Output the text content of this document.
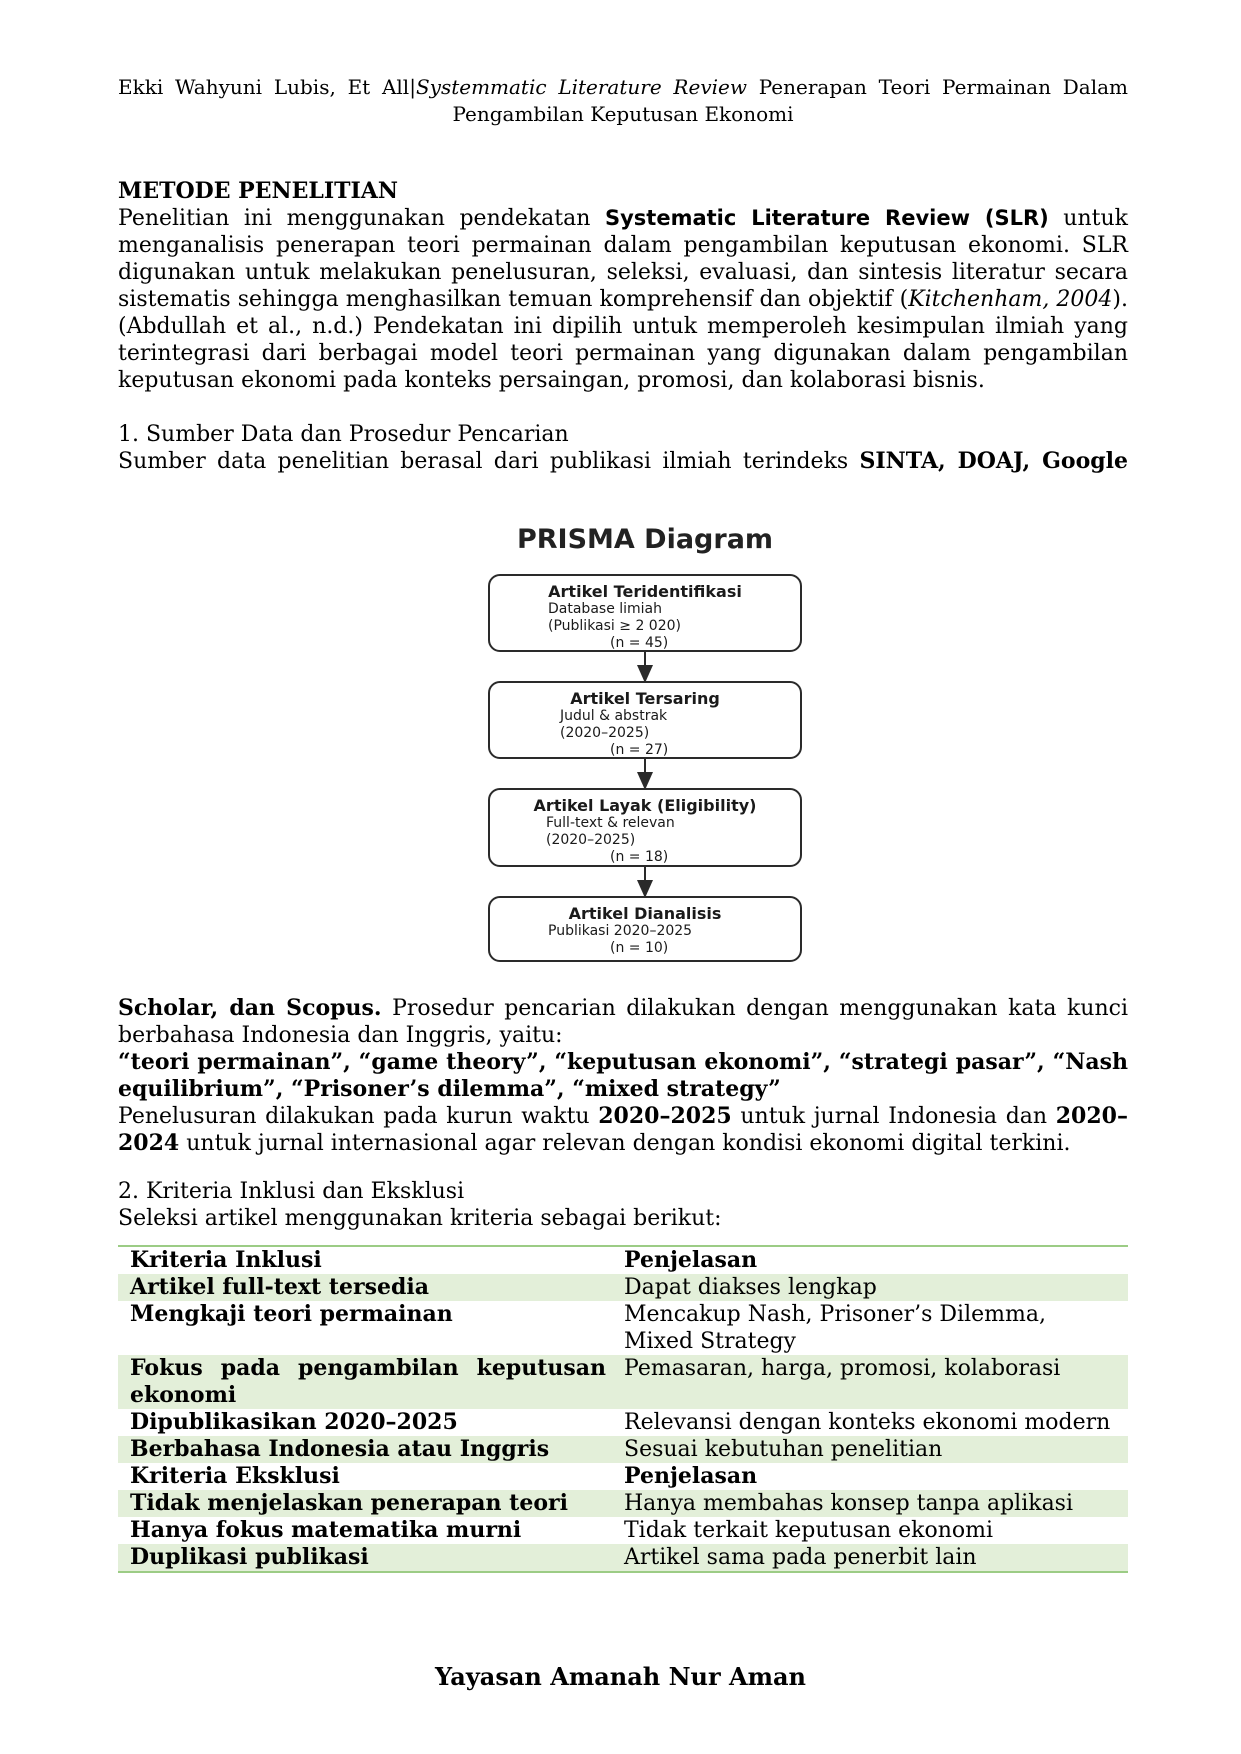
Ekki Wahyuni Lubis, Et All|Systemmatic Literature Review Penerapan Teori Permainan Dalam
Pengambilan Keputusan Ekonomi
METODE PENELITIAN
Penelitian ini menggunakan pendekatan Systematic Literature Review (SLR) untuk menganalisis penerapan teori permainan dalam pengambilan keputusan ekonomi. SLR digunakan untuk melakukan penelusuran, seleksi, evaluasi, dan sintesis literatur secara sistematis sehingga menghasilkan temuan komprehensif dan objektif (Kitchenham, 2004).(Abdullah et al., n.d.) Pendekatan ini dipilih untuk memperoleh kesimpulan ilmiah yang terintegrasi dari berbagai model teori permainan yang digunakan dalam pengambilan keputusan ekonomi pada konteks persaingan, promosi, dan kolaborasi bisnis.
1. Sumber Data dan Prosedur Pencarian
Sumber data penelitian berasal dari publikasi ilmiah terindeks SINTA, DOAJ, Google
PRISMA Diagram
Artikel Teridentifikasi
Database limiah
(Publikasi ≥ 2 020)
(n = 45)
Artikel Tersaring
Judul & abstrak
(2020–2025)
(n = 27)
Artikel Layak (Eligibility)
Full-text & relevan
(2020–2025)
(n = 18)
Artikel Dianalisis
Publikasi 2020–2025
(n = 10)
Scholar, dan Scopus. Prosedur pencarian dilakukan dengan menggunakan kata kunci berbahasa Indonesia dan Inggris, yaitu:
“teori permainan”, “game theory”, “keputusan ekonomi”, “strategi pasar”, “Nash equilibrium”, “Prisoner’s dilemma”, “mixed strategy”
Penelusuran dilakukan pada kurun waktu 2020–2025 untuk jurnal Indonesia dan 2020–2024 untuk jurnal internasional agar relevan dengan kondisi ekonomi digital terkini.
2. Kriteria Inklusi dan Eksklusi
Seleksi artikel menggunakan kriteria sebagai berikut:
Kriteria Inklusi	Penjelasan
Artikel full-text tersedia	Dapat diakses lengkap
Mengkaji teori permainan	Mencakup Nash, Prisoner’s Dilemma, Mixed Strategy
Fokus pada pengambilan keputusan ekonomi	Pemasaran, harga, promosi, kolaborasi
Dipublikasikan 2020–2025	Relevansi dengan konteks ekonomi modern
Berbahasa Indonesia atau Inggris	Sesuai kebutuhan penelitian
Kriteria Eksklusi	Penjelasan
Tidak menjelaskan penerapan teori	Hanya membahas konsep tanpa aplikasi
Hanya fokus matematika murni	Tidak terkait keputusan ekonomi
Duplikasi publikasi	Artikel sama pada penerbit lain
Yayasan Amanah Nur Aman
